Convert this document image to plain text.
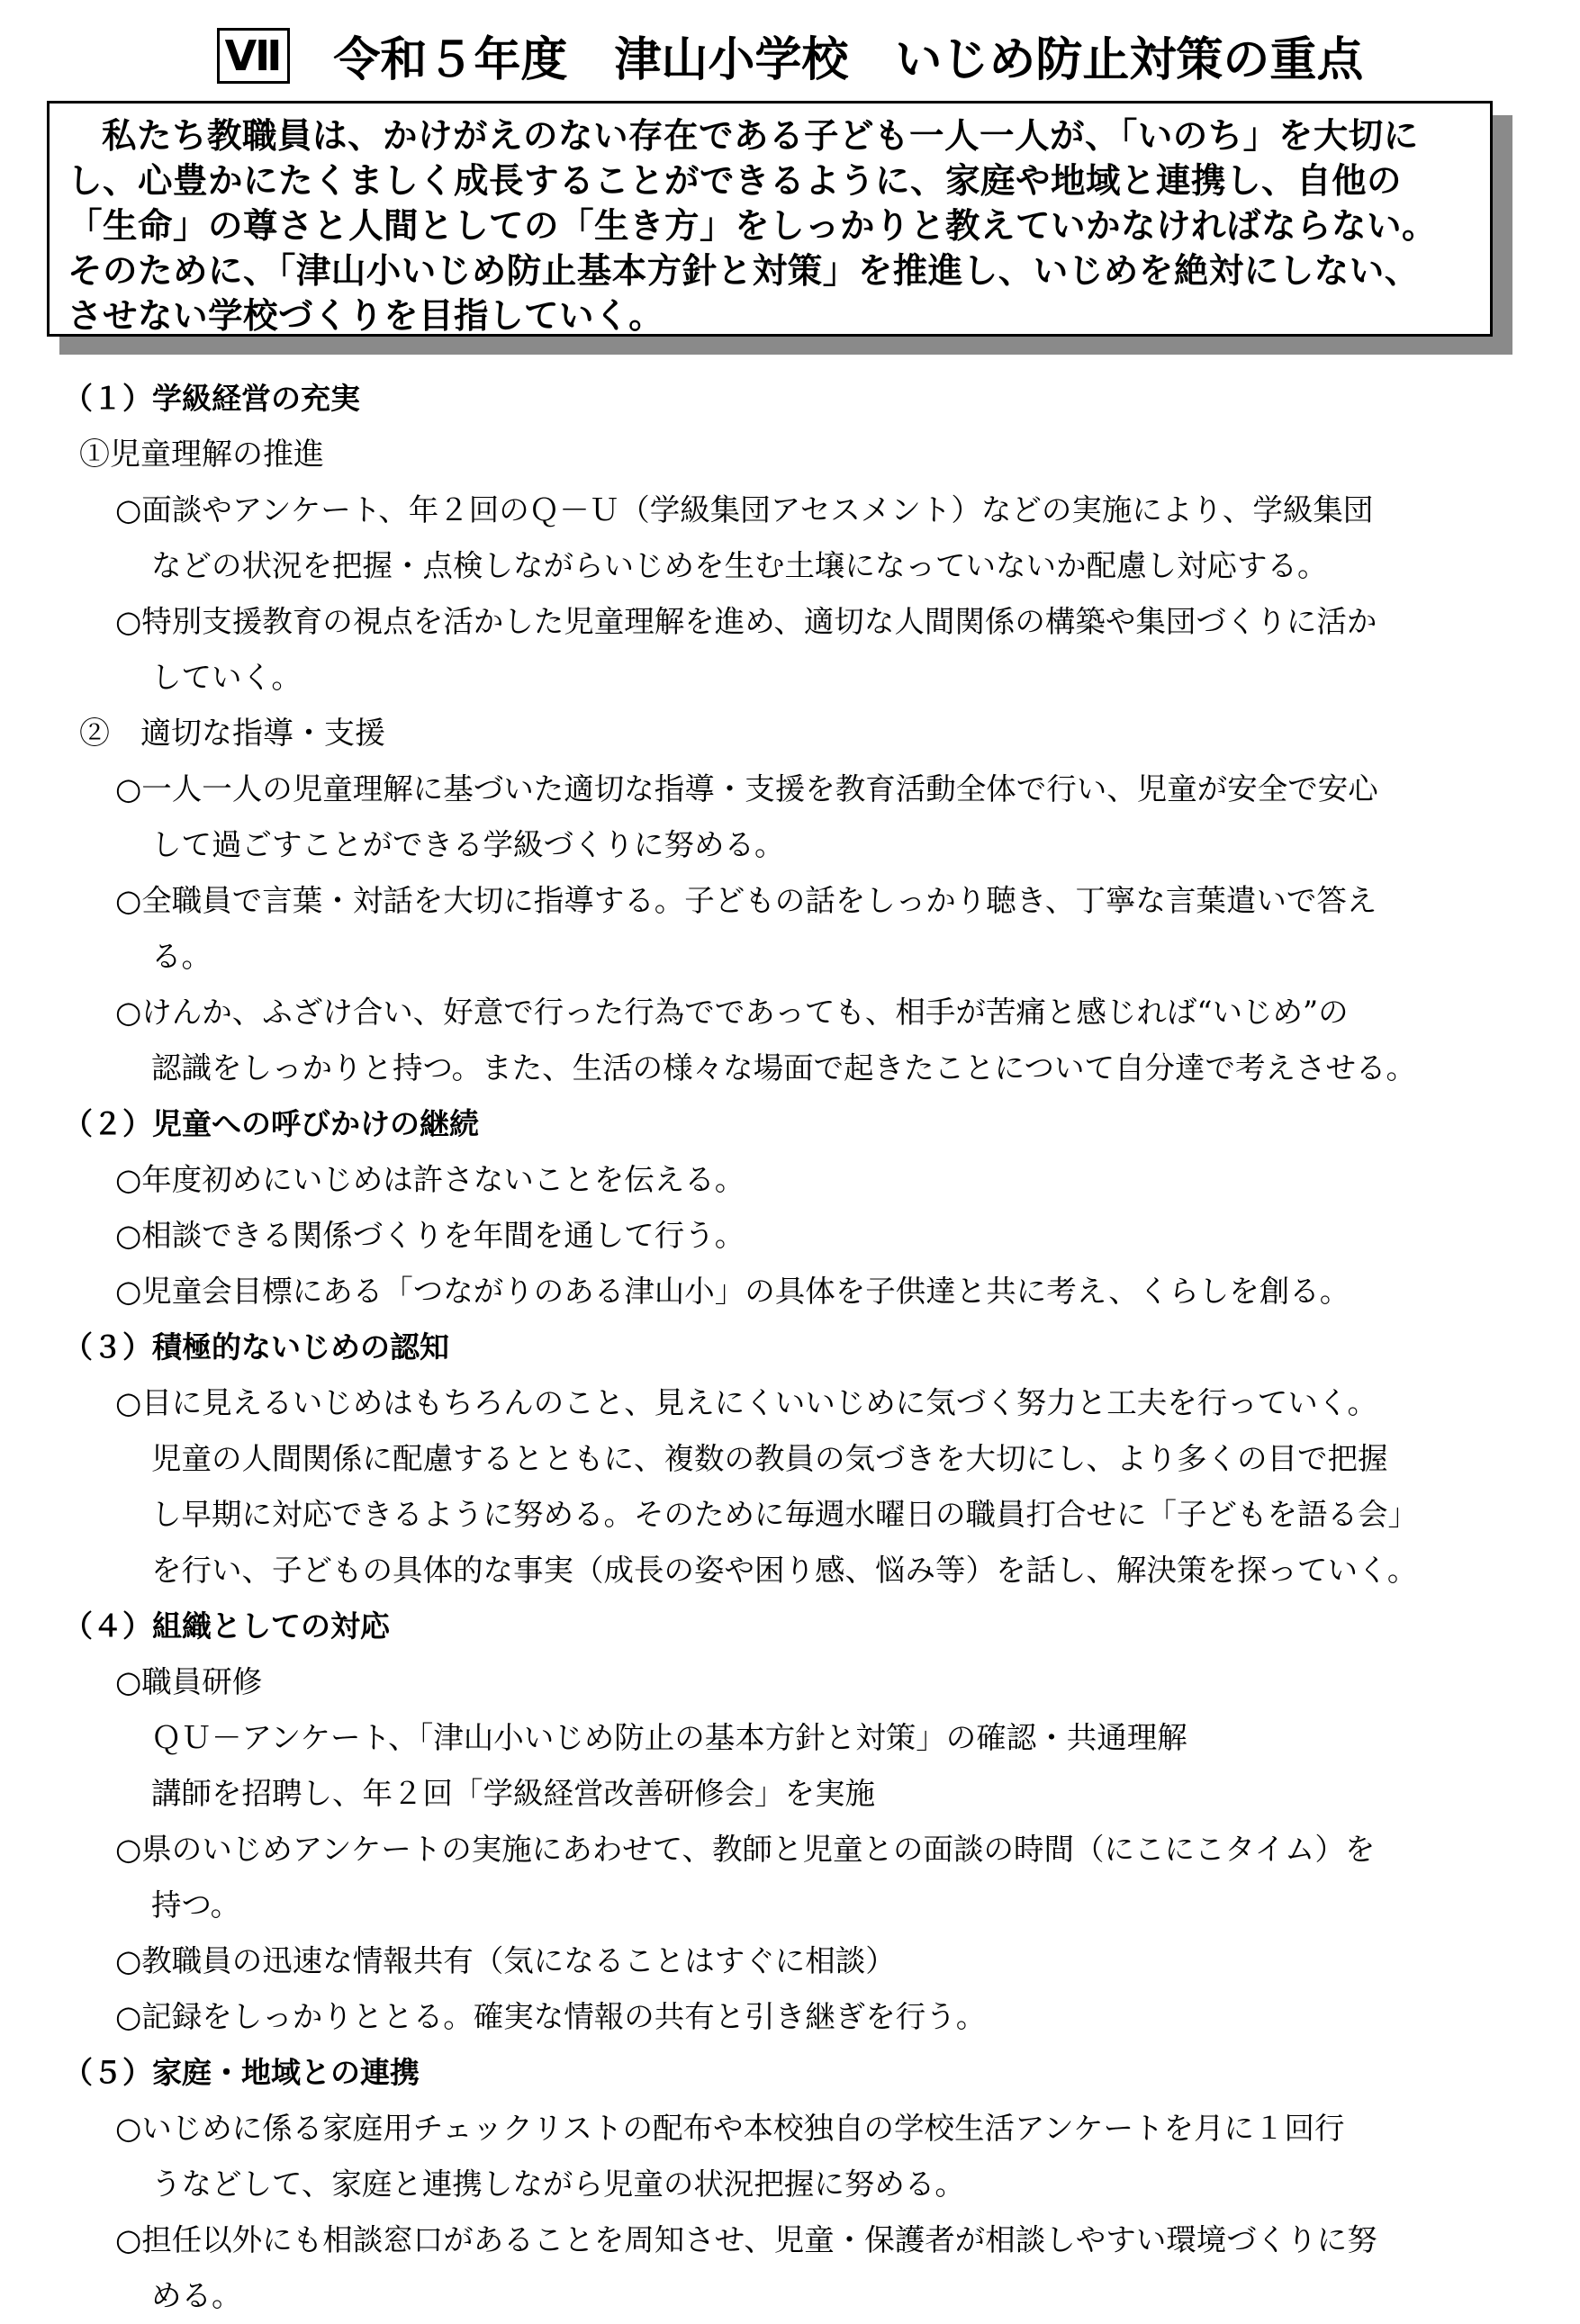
Ⅶ 令和５年度　津山小学校　いじめ防止対策の重点
私たち教職員は、かけがえのない存在である子ども一人一人が、「いのち」を大切に
し、心豊かにたくましく成長することができるように、家庭や地域と連携し、自他の
「生命」の尊さと人間としての「生き方」をしっかりと教えていかなければならない。
そのために、「津山小いじめ防止基本方針と対策」を推進し、いじめを絶対にしない、
させない学校づくりを目指していく。
（１）学級経営の充実
①児童理解の推進
○面談やアンケート、年２回のＱ－Ｕ（学級集団アセスメント）などの実施により、学級集団
などの状況を把握・点検しながらいじめを生む土壌になっていないか配慮し対応する。
○特別支援教育の視点を活かした児童理解を進め、適切な人間関係の構築や集団づくりに活か
していく。
②　適切な指導・支援
○一人一人の児童理解に基づいた適切な指導・支援を教育活動全体で行い、児童が安全で安心
して過ごすことができる学級づくりに努める。
○全職員で言葉・対話を大切に指導する。子どもの話をしっかり聴き、丁寧な言葉遣いで答え
る。
○けんか、ふざけ合い、好意で行った行為でであっても、相手が苦痛と感じれば“いじめ”の
認識をしっかりと持つ。また、生活の様々な場面で起きたことについて自分達で考えさせる。
（２）児童への呼びかけの継続
○年度初めにいじめは許さないことを伝える。
○相談できる関係づくりを年間を通して行う。
○児童会目標にある「つながりのある津山小」の具体を子供達と共に考え、くらしを創る。
（３）積極的ないじめの認知
○目に見えるいじめはもちろんのこと、見えにくいいじめに気づく努力と工夫を行っていく。
児童の人間関係に配慮するとともに、複数の教員の気づきを大切にし、より多くの目で把握
し早期に対応できるように努める。そのために毎週水曜日の職員打合せに「子どもを語る会」
を行い、子どもの具体的な事実（成長の姿や困り感、悩み等）を話し、解決策を探っていく。
（４）組織としての対応
○職員研修
ＱＵ－アンケート、「津山小いじめ防止の基本方針と対策」の確認・共通理解
講師を招聘し、年２回「学級経営改善研修会」を実施
○県のいじめアンケートの実施にあわせて、教師と児童との面談の時間（にこにこタイム）を
持つ。
○教職員の迅速な情報共有（気になることはすぐに相談）
○記録をしっかりととる。確実な情報の共有と引き継ぎを行う。
（５）家庭・地域との連携
○いじめに係る家庭用チェックリストの配布や本校独自の学校生活アンケートを月に１回行
うなどして、家庭と連携しながら児童の状況把握に努める。
○担任以外にも相談窓口があることを周知させ、児童・保護者が相談しやすい環境づくりに努
める。
